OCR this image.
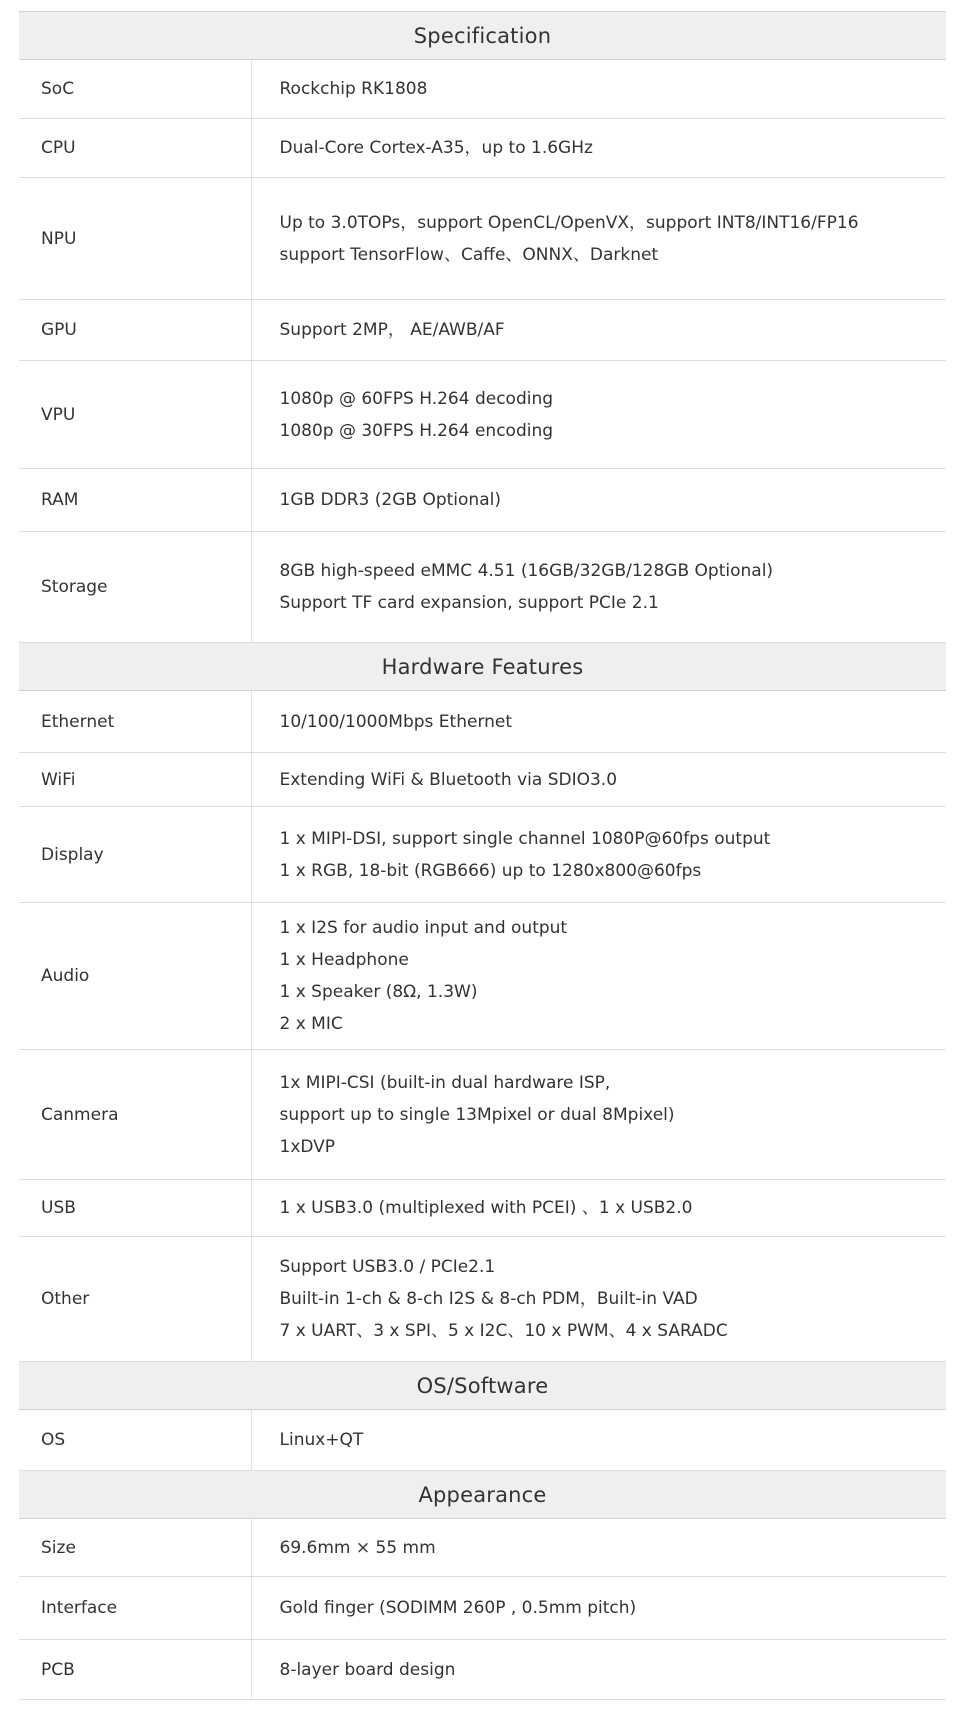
Specification	
SoC	Rockchip RK1808

CPU	Dual-Core Cortex-A35，up to 1.6GHz

NPU	Up to 3.0TOPs，support OpenCL/OpenVX，support INT8/INT16/FP16
support TensorFlow、Caffe、ONNX、Darknet

GPU	Support 2MP， AE/AWB/AF

VPU	1080p @ 60FPS H.264 decoding
1080p @ 30FPS H.264 encoding

RAM	1GB DDR3 (2GB Optional)

Storage	8GB high-speed eMMC 4.51 (16GB/32GB/128GB Optional)
Support TF card expansion, support PCIe 2.1

Hardware Features	
Ethernet	10/100/1000Mbps Ethernet

WiFi	Extending WiFi & Bluetooth via SDIO3.0

Display	1 x MIPI-DSI, support single channel 1080P@60fps output
1 x RGB, 18-bit (RGB666) up to 1280x800@60fps

Audio	1 x I2S for audio input and output
1 x Headphone
1 x Speaker (8Ω, 1.3W)
2 x MIC

Canmera	1x MIPI-CSI (built-in dual hardware ISP,
support up to single 13Mpixel or dual 8Mpixel)
1xDVP

USB	1 x USB3.0 (multiplexed with PCEI) 、1 x USB2.0

Other	Support USB3.0 / PCIe2.1
Built-in 1-ch & 8-ch I2S & 8-ch PDM，Built-in VAD
7 x UART、3 x SPI、5 x I2C、10 x PWM、4 x SARADC

OS/Software	
OS	Linux+QT

Appearance	
Size	69.6mm × 55 mm

Interface	Gold finger (SODIMM 260P , 0.5mm pitch)

PCB	8-layer board design
